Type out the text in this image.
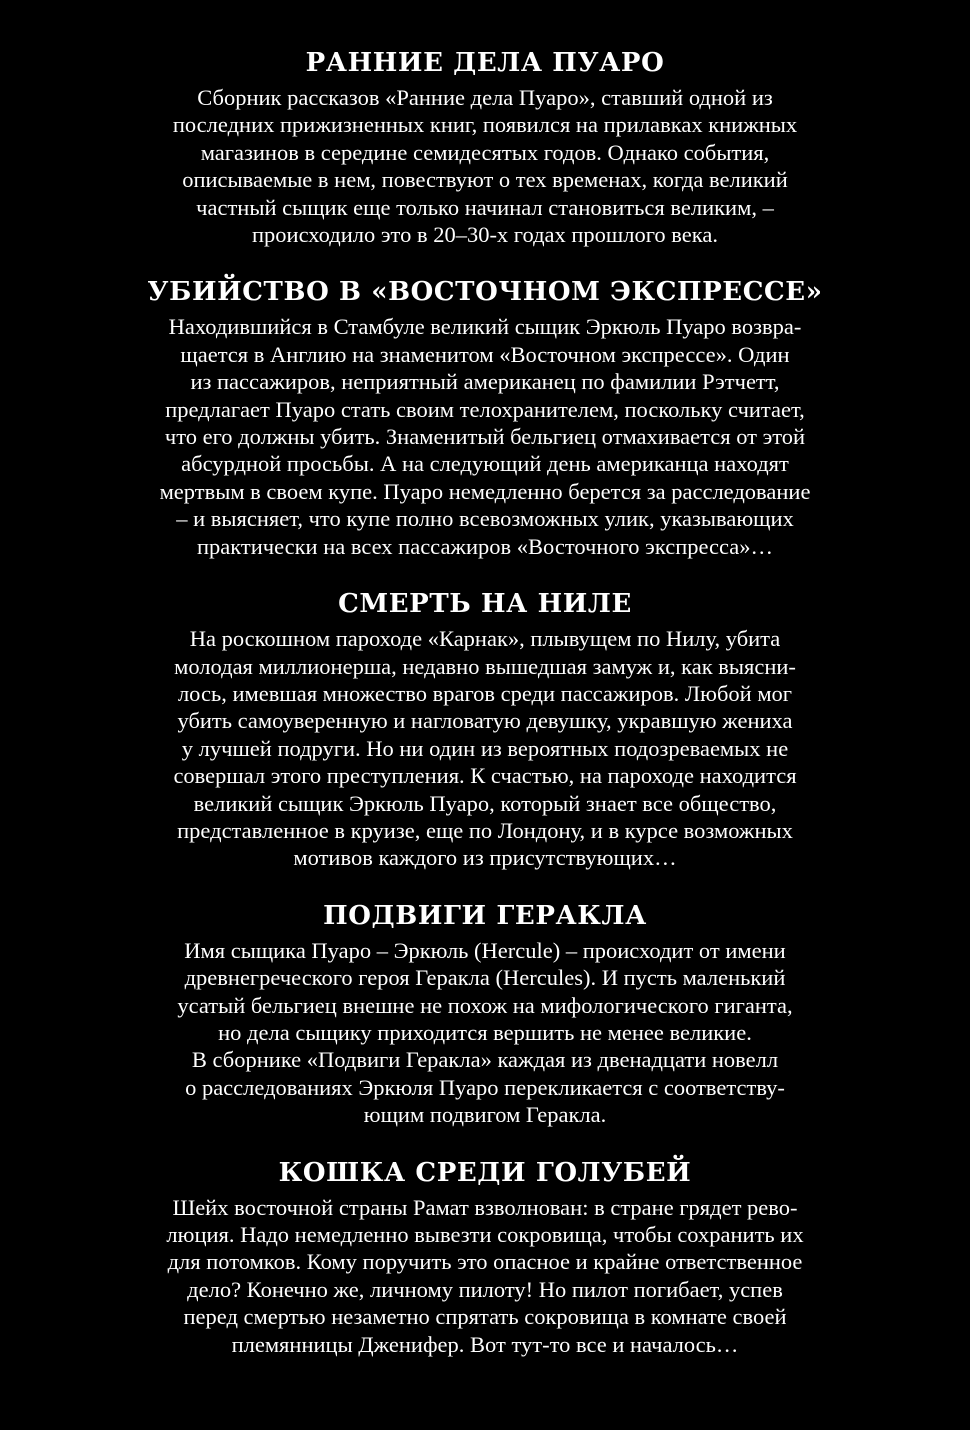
РАННИЕ ДЕЛА ПУАРО

Сборник рассказов «Ранние дела Пуаро», ставший одной из
последних прижизненных книг, появился на прилавках книжных
магазинов в середине семидесятых годов. Однако события,
описываемые в нем, повествуют о тех временах, когда великий
частный сыщик еще только начинал становиться великим, –
происходило это в 20–30-х годах прошлого века.

УБИЙСТВО В «ВОСТОЧНОМ ЭКСПРЕССЕ»

Находившийся в Стамбуле великий сыщик Эркюль Пуаро возвра-
щается в Англию на знаменитом «Восточном экспрессе». Один
из пассажиров, неприятный американец по фамилии Рэтчетт,
предлагает Пуаро стать своим телохранителем, поскольку считает,
что его должны убить. Знаменитый бельгиец отмахивается от этой
абсурдной просьбы. А на следующий день американца находят
мертвым в своем купе. Пуаро немедленно берется за расследование
– и выясняет, что купе полно всевозможных улик, указывающих
практически на всех пассажиров «Восточного экспресса»…

СМЕРТЬ НА НИЛЕ

На роскошном пароходе «Карнак», плывущем по Нилу, убита
молодая миллионерша, недавно вышедшая замуж и, как выясни-
лось, имевшая множество врагов среди пассажиров. Любой мог
убить самоуверенную и нагловатую девушку, укравшую жениха
у лучшей подруги. Но ни один из вероятных подозреваемых не
совершал этого преступления. К счастью, на пароходе находится
великий сыщик Эркюль Пуаро, который знает все общество,
представленное в круизе, еще по Лондону, и в курсе возможных
мотивов каждого из присутствующих…

ПОДВИГИ ГЕРАКЛА

Имя сыщика Пуаро – Эркюль (Hercule) – происходит от имени
древнегреческого героя Геракла (Hercules). И пусть маленький
усатый бельгиец внешне не похож на мифологического гиганта,
но дела сыщику приходится вершить не менее великие.
В сборнике «Подвиги Геракла» каждая из двенадцати новелл
о расследованиях Эркюля Пуаро перекликается с соответству-
ющим подвигом Геракла.

КОШКА СРЕДИ ГОЛУБЕЙ

Шейх восточной страны Рамат взволнован: в стране грядет рево-
люция. Надо немедленно вывезти сокровища, чтобы сохранить их
для потомков. Кому поручить это опасное и крайне ответственное
дело? Конечно же, личному пилоту! Но пилот погибает, успев
перед смертью незаметно спрятать сокровища в комнате своей
племянницы Дженифер. Вот тут-то все и началось…
